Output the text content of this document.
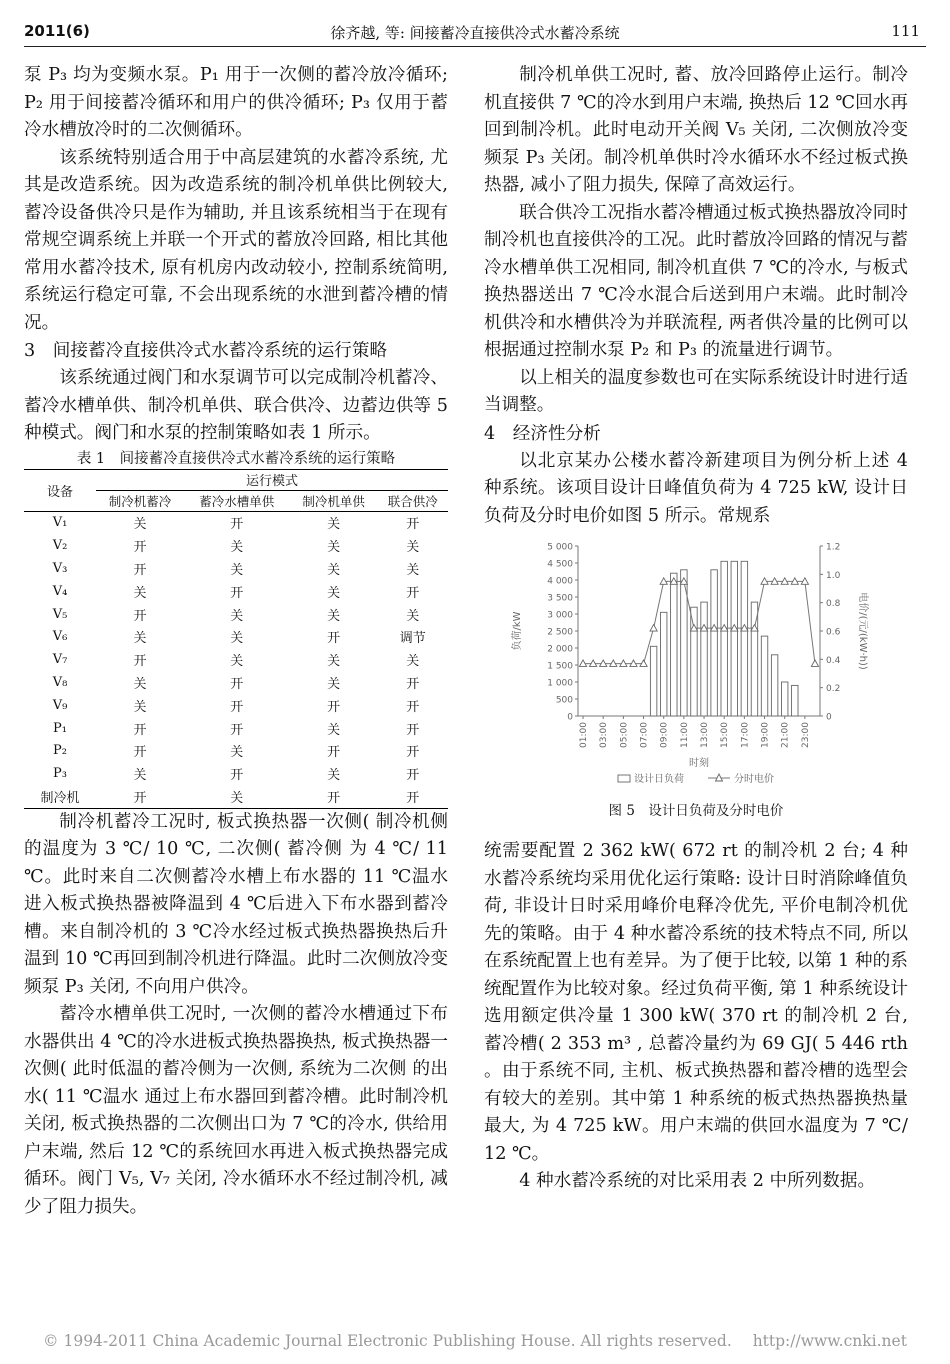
2011(6)	徐齐越, 等: 间接蓄冷直接供冷式水蓄冷系统	111

泵 P₃ 均为变频水泵。P₁ 用于一次侧的蓄冷放冷循环; P₂ 用于间接蓄冷循环和用户的供冷循环; P₃ 仅用于蓄冷水槽放冷时的二次侧循环。

该系统特别适合用于中高层建筑的水蓄冷系统, 尤其是改造系统。因为改造系统的制冷机单供比例较大, 蓄冷设备供冷只是作为辅助, 并且该系统相当于在现有常规空调系统上并联一个开式的蓄放冷回路, 相比其他常用水蓄冷技术, 原有机房内改动较小, 控制系统简明, 系统运行稳定可靠, 不会出现系统的水泄到蓄冷槽的情况。

3　间接蓄冷直接供冷式水蓄冷系统的运行策略

该系统通过阀门和水泵调节可以完成制冷机蓄冷、蓄冷水槽单供、制冷机单供、联合供冷、边蓄边供等 5 种模式。阀门和水泵的控制策略如表 1 所示。

表 1　间接蓄冷直接供冷式水蓄冷系统的运行策略
设备	运行模式			
	制冷机蓄冷	蓄冷水槽单供	制冷机单供	联合供冷
V₁	关	开	关	开
V₂	开	关	关	关
V₃	开	关	关	关
V₄	关	开	关	开
V₅	开	关	关	关
V₆	关	关	开	调节
V₇	开	关	关	关
V₈	关	开	关	开
V₉	关	开	开	开
P₁	开	开	关	开
P₂	开	关	开	开
P₃	关	开	关	开
制冷机	开	关	开	开

制冷机蓄冷工况时, 板式换热器一次侧( 制冷机侧 的温度为 3 ℃/ 10 ℃, 二次侧( 蓄冷侧 为 4 ℃/ 11 ℃。此时来自二次侧蓄冷水槽上布水器的 11 ℃温水进入板式换热器被降温到 4 ℃后进入下布水器到蓄冷槽。来自制冷机的 3 ℃冷水经过板式换热器换热后升温到 10 ℃再回到制冷机进行降温。此时二次侧放冷变频泵 P₃ 关闭, 不向用户供冷。

蓄冷水槽单供工况时, 一次侧的蓄冷水槽通过下布水器供出 4 ℃的冷水进板式换热器换热, 板式换热器一次侧( 此时低温的蓄冷侧为一次侧, 系统为二次侧 的出水( 11 ℃温水 通过上布水器回到蓄冷槽。此时制冷机关闭, 板式换热器的二次侧出口为 7 ℃的冷水, 供给用户末端, 然后 12 ℃的系统回水再进入板式换热器完成循环。阀门 V₅, V₇ 关闭, 冷水循环水不经过制冷机, 减少了阻力损失。

制冷机单供工况时, 蓄、放冷回路停止运行。制冷机直接供 7 ℃的冷水到用户末端, 换热后 12 ℃回水再回到制冷机。此时电动开关阀 V₅ 关闭, 二次侧放冷变频泵 P₃ 关闭。制冷机单供时冷水循环水不经过板式换热器, 减小了阻力损失, 保障了高效运行。

联合供冷工况指水蓄冷槽通过板式换热器放冷同时制冷机也直接供冷的工况。此时蓄放冷回路的情况与蓄冷水槽单供工况相同, 制冷机直供 7 ℃的冷水, 与板式换热器送出 7 ℃冷水混合后送到用户末端。此时制冷机供冷和水槽供冷为并联流程, 两者供冷量的比例可以根据通过控制水泵 P₂ 和 P₃ 的流量进行调节。

以上相关的温度参数也可在实际系统设计时进行适当调整。

4　经济性分析

以北京某办公楼水蓄冷新建项目为例分析上述 4 种系统。该项目设计日峰值负荷为 4 725 kW, 设计日负荷及分时电价如图 5 所示。常规系

0
500
1 000
1 500
2 000
2 500
3 000
3 500
4 000
4 500
5 000
0
0.2
0.4
0.6
0.8
1.0
1.2
负荷/kW	电价/(元/(kW·h))
01:00 03:00 05:00 07:00 09:00 11:00 13:00 15:00 17:00 19:00 21:00 23:00
时刻
设计日负荷	分时电价
图 5　设计日负荷及分时电价

统需要配置 2 362 kW( 672 rt 的制冷机 2 台; 4 种水蓄冷系统均采用优化运行策略: 设计日时消除峰值负荷, 非设计日时采用峰价电释冷优先, 平价电制冷机优先的策略。由于 4 种水蓄冷系统的技术特点不同, 所以在系统配置上也有差异。为了便于比较, 以第 1 种的系统配置作为比较对象。经过负荷平衡, 第 1 种系统设计选用额定供冷量 1 300 kW( 370 rt 的制冷机 2 台, 蓄冷槽( 2 353 m³ , 总蓄冷量约为 69 GJ( 5 446 rth 。由于系统不同, 主机、板式换热器和蓄冷槽的选型会有较大的差别。其中第 1 种系统的板式热热器换热量最大, 为 4 725 kW。用户末端的供回水温度为 7 ℃/ 12 ℃。

4 种水蓄冷系统的对比采用表 2 中所列数据。

© 1994-2011 China Academic Journal Electronic Publishing House. All rights reserved. http://www.cnki.net
